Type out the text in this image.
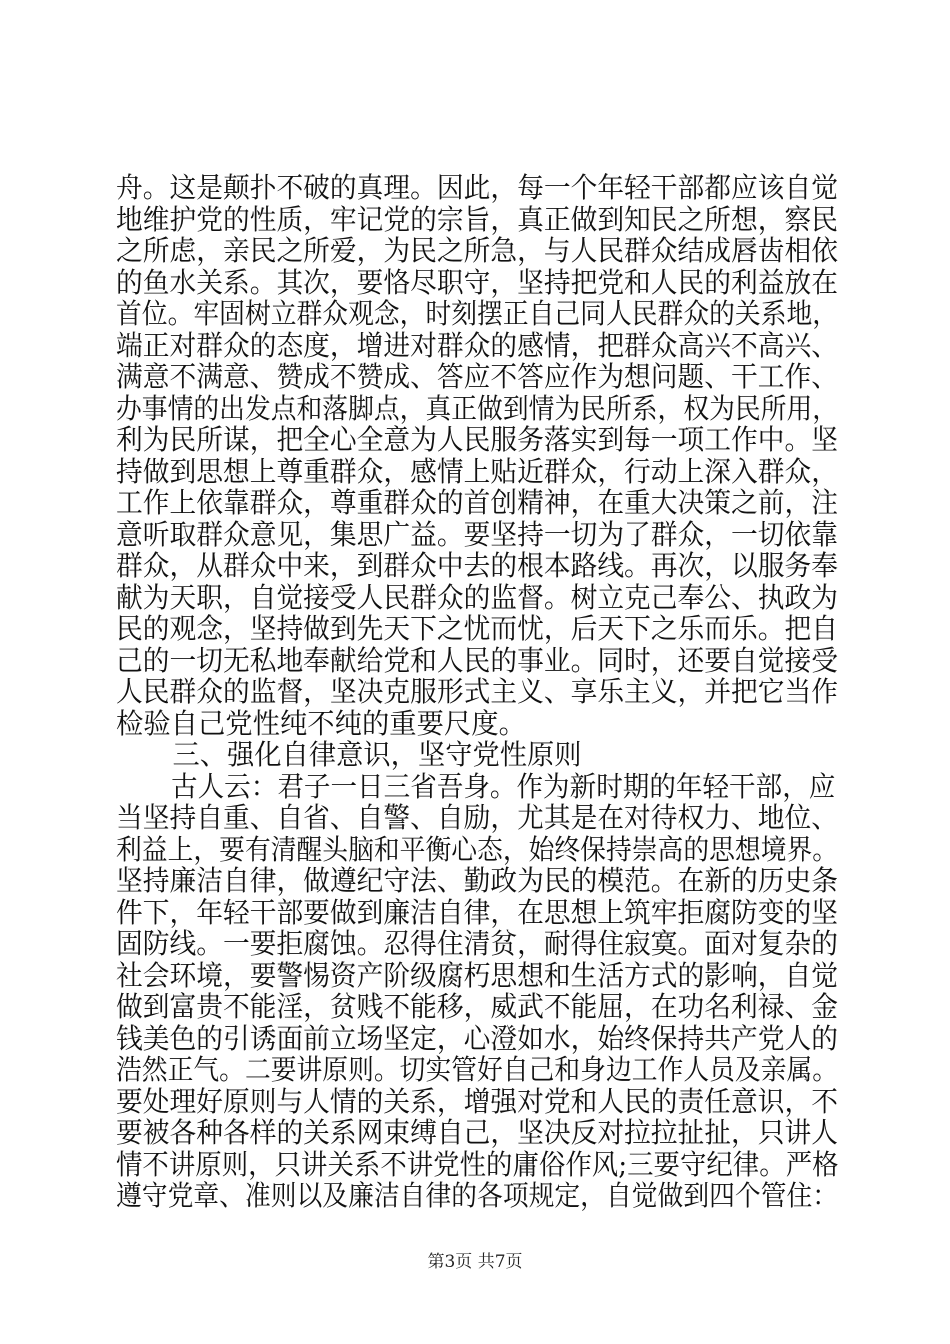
舟。这是颠扑不破的真理。因此，每一个年轻干部都应该自觉
地维护党的性质，牢记党的宗旨，真正做到知民之所想，察民
之所虑，亲民之所爱，为民之所急，与人民群众结成唇齿相依
的鱼水关系。其次，要恪尽职守，坚持把党和人民的利益放在
首位。牢固树立群众观念，时刻摆正自己同人民群众的关系地，
端正对群众的态度，增进对群众的感情，把群众高兴不高兴、
满意不满意、赞成不赞成、答应不答应作为想问题、干工作、
办事情的出发点和落脚点，真正做到情为民所系，权为民所用，
利为民所谋，把全心全意为人民服务落实到每一项工作中。坚
持做到思想上尊重群众，感情上贴近群众，行动上深入群众，
工作上依靠群众，尊重群众的首创精神，在重大决策之前，注
意听取群众意见，集思广益。要坚持一切为了群众，一切依靠
群众，从群众中来，到群众中去的根本路线。再次，以服务奉
献为天职，自觉接受人民群众的监督。树立克己奉公、执政为
民的观念，坚持做到先天下之忧而忧，后天下之乐而乐。把自
己的一切无私地奉献给党和人民的事业。同时，还要自觉接受
人民群众的监督，坚决克服形式主义、享乐主义，并把它当作
检验自己党性纯不纯的重要尺度。
三、强化自律意识，坚守党性原则
古人云：君子一日三省吾身。作为新时期的年轻干部，应
当坚持自重、自省、自警、自励，尤其是在对待权力、地位、
利益上，要有清醒头脑和平衡心态，始终保持崇高的思想境界。
坚持廉洁自律，做遵纪守法、勤政为民的模范。在新的历史条
件下，年轻干部要做到廉洁自律，在思想上筑牢拒腐防变的坚
固防线。一要拒腐蚀。忍得住清贫，耐得住寂寞。面对复杂的
社会环境，要警惕资产阶级腐朽思想和生活方式的影响，自觉
做到富贵不能淫，贫贱不能移，威武不能屈，在功名利禄、金
钱美色的引诱面前立场坚定，心澄如水，始终保持共产党人的
浩然正气。二要讲原则。切实管好自己和身边工作人员及亲属。
要处理好原则与人情的关系，增强对党和人民的责任意识，不
要被各种各样的关系网束缚自己，坚决反对拉拉扯扯，只讲人
情不讲原则，只讲关系不讲党性的庸俗作风;三要守纪律。严格
遵守党章、准则以及廉洁自律的各项规定，自觉做到四个管住：
第3页 共7页
